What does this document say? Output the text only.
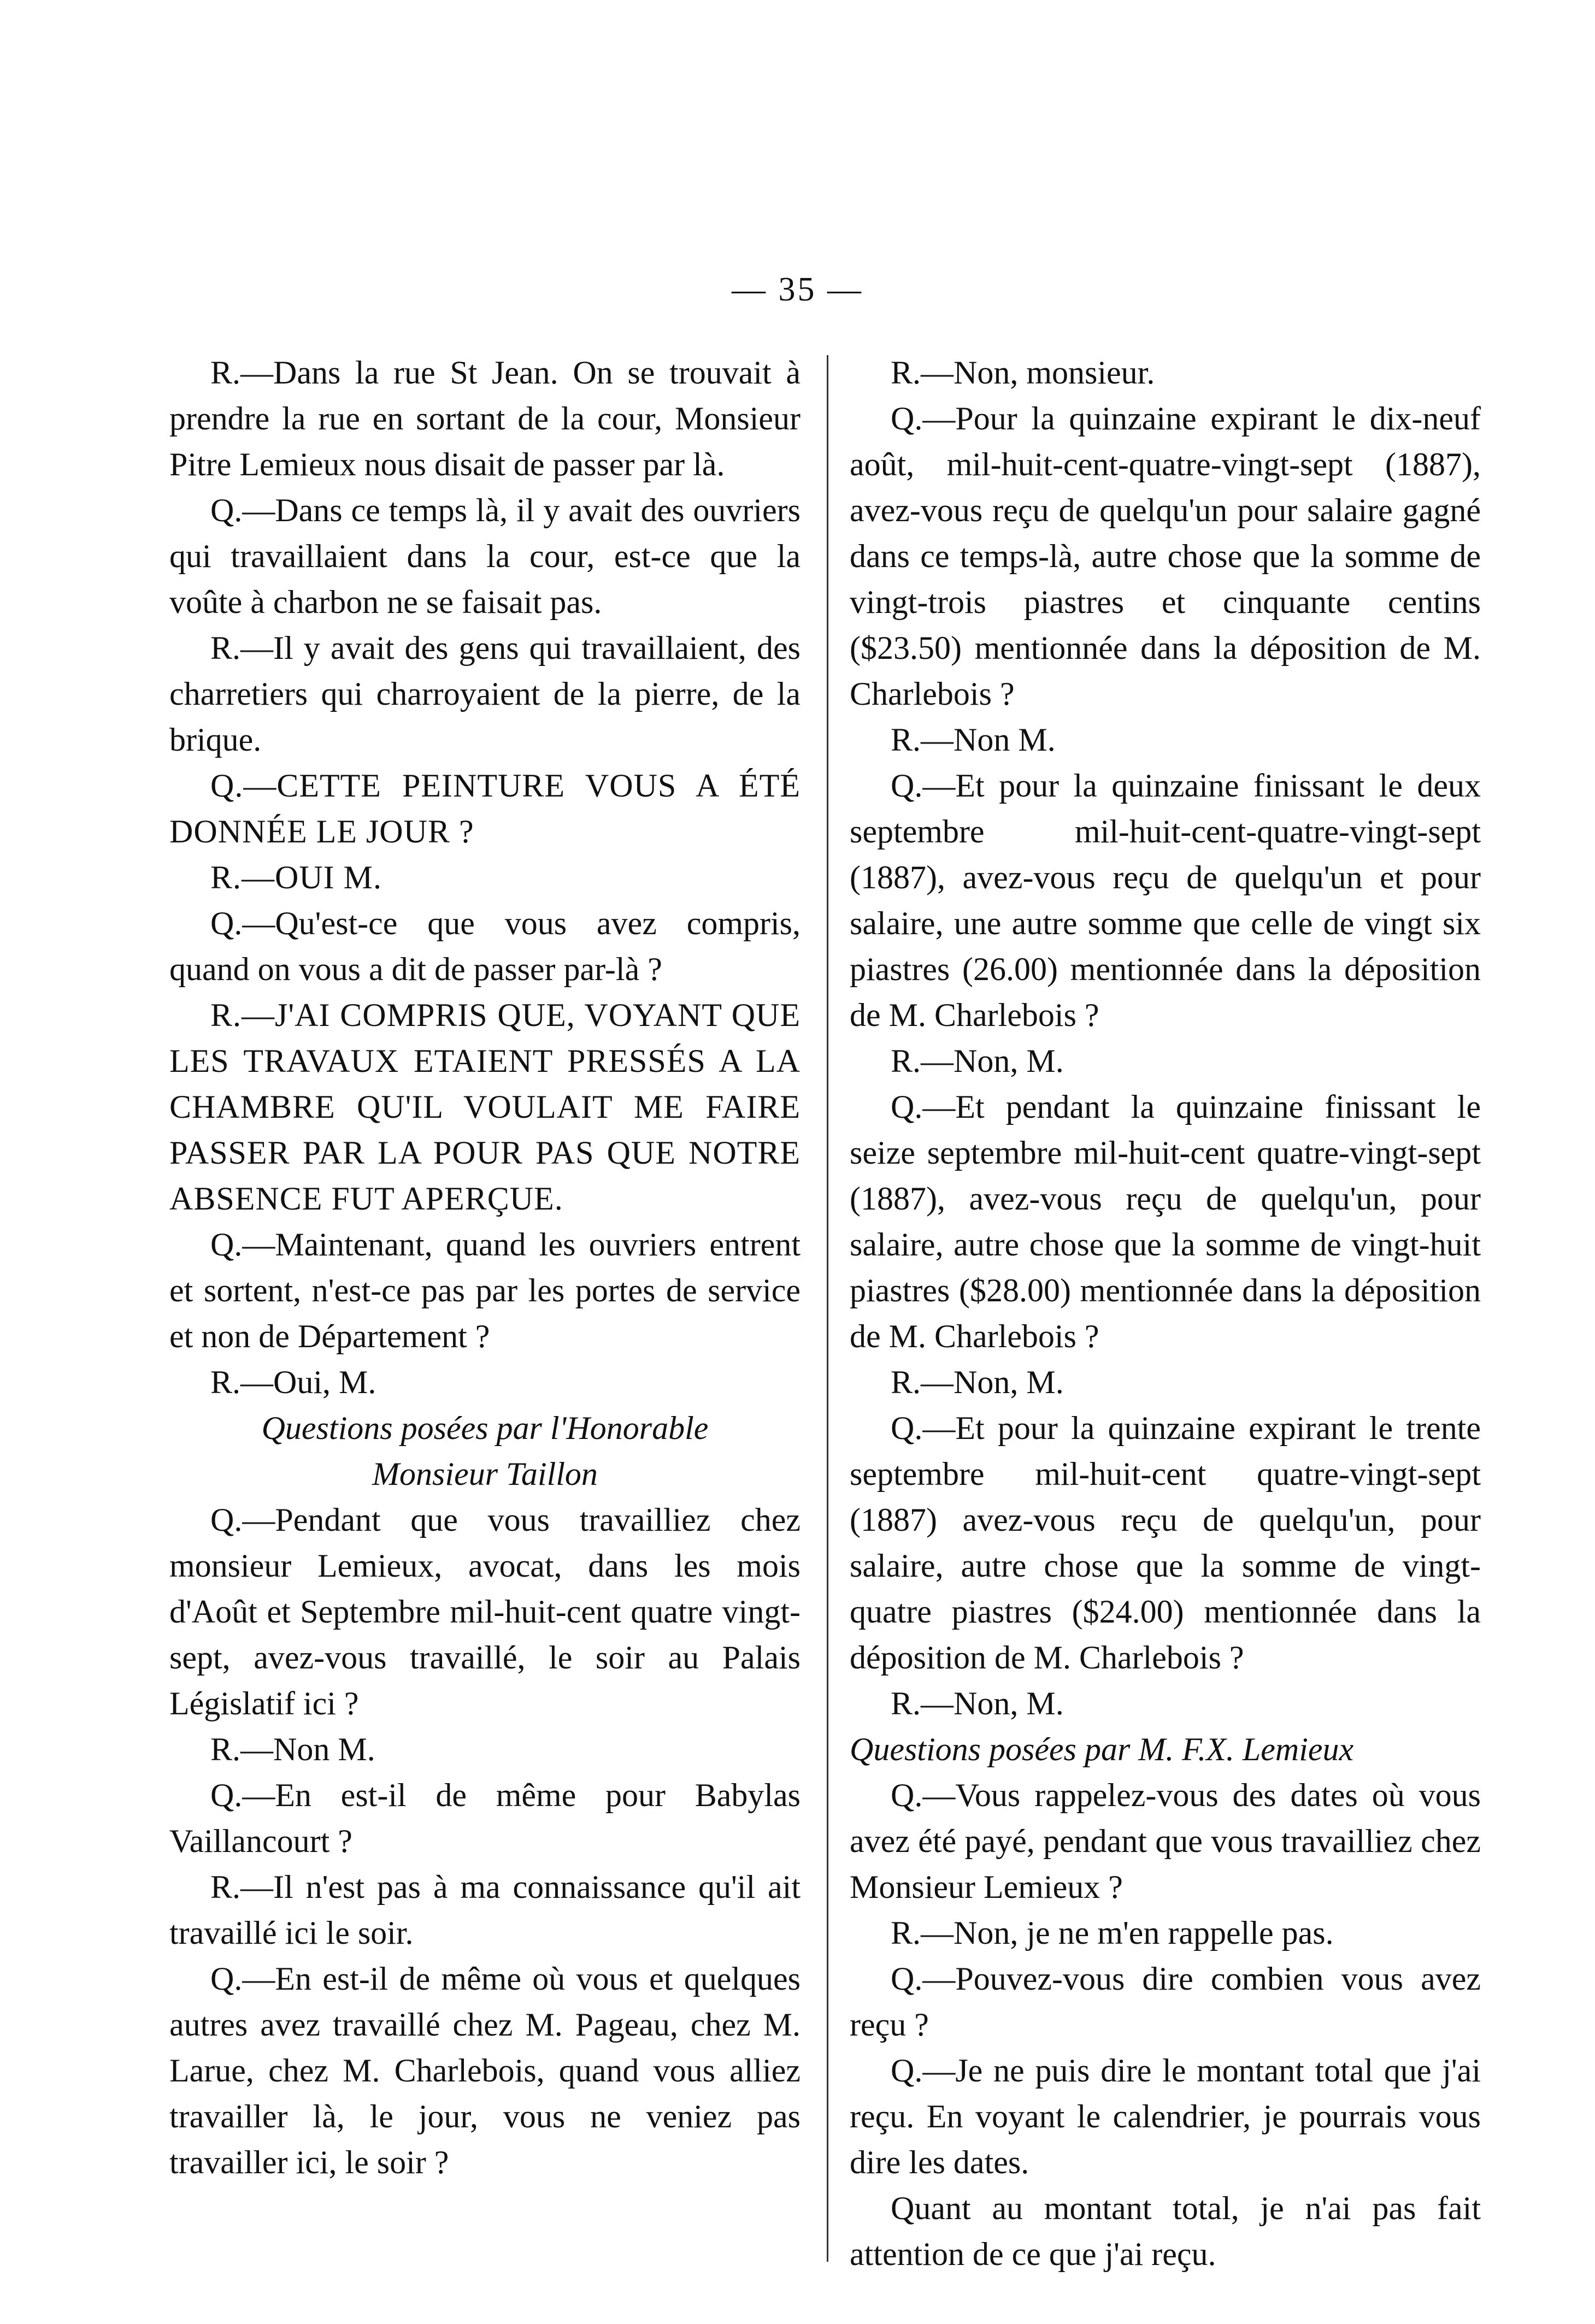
— 35 —

R.—Dans la rue St Jean. On se trouvait à prendre la rue en sortant de la cour, Monsieur Pitre Lemieux nous disait de passer par là.

Q.—Dans ce temps là, il y avait des ouvriers qui travaillaient dans la cour, est-ce que la voûte à charbon ne se faisait pas.

R.—Il y avait des gens qui travaillaient, des charretiers qui charroyaient de la pierre, de la brique.

Q.—CETTE PEINTURE VOUS A ÉTÉ DONNÉE LE JOUR ?

R.—OUI M.

Q.—Qu'est-ce que vous avez compris, quand on vous a dit de passer par-là ?

R.—J'AI COMPRIS QUE, VOYANT QUE LES TRAVAUX ETAIENT PRESSÉS A LA CHAMBRE QU'IL VOULAIT ME FAIRE PASSER PAR LA POUR PAS QUE NOTRE ABSENCE FUT APERÇUE.

Q.—Maintenant, quand les ouvriers entrent et sortent, n'est-ce pas par les portes de service et non de Département ?

R.—Oui, M.

Questions posées par l'Honorable
Monsieur Taillon

Q.—Pendant que vous travailliez chez monsieur Lemieux, avocat, dans les mois d'Août et Septembre mil-huit-cent quatre vingt-sept, avez-vous travaillé, le soir au Palais Législatif ici ?

R.—Non M.

Q.—En est-il de même pour Babylas Vaillancourt ?

R.—Il n'est pas à ma connaissance qu'il ait travaillé ici le soir.

Q.—En est-il de même où vous et quelques autres avez travaillé chez M. Pageau, chez M. Larue, chez M. Charlebois, quand vous alliez travailler là, le jour, vous ne veniez pas travailler ici, le soir ?

R.—Non, monsieur.

Q.—Pour la quinzaine expirant le dix-neuf août, mil-huit-cent-quatre-vingt-sept (1887), avez-vous reçu de quelqu'un pour salaire gagné dans ce temps-là, autre chose que la somme de vingt-trois piastres et cinquante centins ($23.50) mentionnée dans la déposition de M. Charlebois ?

R.—Non M.

Q.—Et pour la quinzaine finissant le deux septembre mil-huit-cent-quatre-vingt-sept (1887), avez-vous reçu de quelqu'un et pour salaire, une autre somme que celle de vingt six piastres (26.00) mentionnée dans la déposition de M. Charlebois ?

R.—Non, M.

Q.—Et pendant la quinzaine finissant le seize septembre mil-huit-cent quatre-vingt-sept (1887), avez-vous reçu de quelqu'un, pour salaire, autre chose que la somme de vingt-huit piastres ($28.00) mentionnée dans la déposition de M. Charlebois ?

R.—Non, M.

Q.—Et pour la quinzaine expirant le trente septembre mil-huit-cent quatre-vingt-sept (1887) avez-vous reçu de quelqu'un, pour salaire, autre chose que la somme de vingt-quatre piastres ($24.00) mentionnée dans la déposition de M. Charlebois ?

R.—Non, M.

Questions posées par M. F.X. Lemieux

Q.—Vous rappelez-vous des dates où vous avez été payé, pendant que vous travailliez chez Monsieur Lemieux ?

R.—Non, je ne m'en rappelle pas.

Q.—Pouvez-vous dire combien vous avez reçu ?

Q.—Je ne puis dire le montant total que j'ai reçu. En voyant le calendrier, je pourrais vous dire les dates.

Quant au montant total, je n'ai pas fait attention de ce que j'ai reçu.
